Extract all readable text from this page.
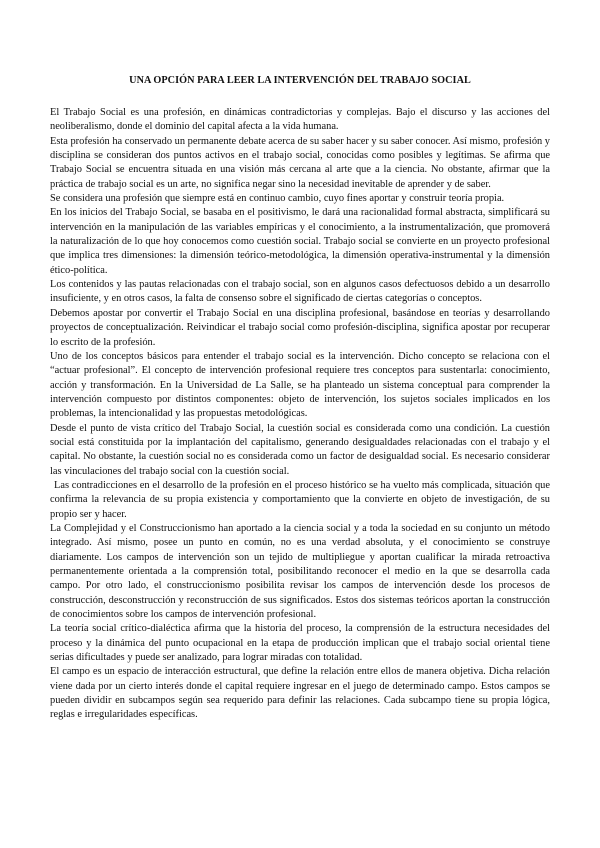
UNA OPCIÓN PARA LEER LA INTERVENCIÓN DEL TRABAJO SOCIAL

El Trabajo Social es una profesión, en dinámicas contradictorias y complejas. Bajo el discurso y las acciones del neoliberalismo, donde el dominio del capital afecta a la vida humana.

Esta profesión ha conservado un permanente debate acerca de su saber hacer y su saber conocer. Así mismo, profesión y disciplina se consideran dos puntos activos en el trabajo social, conocidas como posibles y legítimas. Se afirma que Trabajo Social se encuentra situada en una visión más cercana al arte que a la ciencia. No obstante, afirmar que la práctica de trabajo social es un arte, no significa negar sino la necesidad inevitable de aprender y de saber.

Se considera una profesión que siempre está en continuo cambio, cuyo fines aportar y construir teoría propia.

En los inicios del Trabajo Social, se basaba en el positivismo, le dará una racionalidad formal abstracta, simplificará su intervención en la manipulación de las variables empíricas y el conocimiento, a la instrumentalización, que promoverá la naturalización de lo que hoy conocemos como cuestión social. Trabajo social se convierte en un proyecto profesional que implica tres dimensiones: la dimensión teórico-metodológica, la dimensión operativa-instrumental y la dimensión ético-política.

Los contenidos y las pautas relacionadas con el trabajo social, son en algunos casos defectuosos debido a un desarrollo insuficiente, y en otros casos, la falta de consenso sobre el significado de ciertas categorías o conceptos.

Debemos apostar por convertir el Trabajo Social en una disciplina profesional, basándose en teorías y desarrollando proyectos de conceptualización. Reivindicar el trabajo social como profesión-disciplina, significa apostar por recuperar lo escrito de la profesión.

Uno de los conceptos básicos para entender el trabajo social es la intervención. Dicho concepto se relaciona con el “actuar profesional”. El concepto de intervención profesional requiere tres conceptos para sustentarla: conocimiento, acción y transformación. En la Universidad de La Salle, se ha planteado un sistema conceptual para comprender la intervención compuesto por distintos componentes: objeto de intervención, los sujetos sociales implicados en los problemas, la intencionalidad y las propuestas metodológicas.

Desde el punto de vista crítico del Trabajo Social, la cuestión social es considerada como una condición. La cuestión social está constituida por la implantación del capitalismo, generando desigualdades relacionadas con el trabajo y el capital. No obstante, la cuestión social no es considerada como un factor de desigualdad social. Es necesario considerar las vinculaciones del trabajo social con la cuestión social.

Las contradicciones en el desarrollo de la profesión en el proceso histórico se ha vuelto más complicada, situación que confirma la relevancia de su propia existencia y comportamiento que la convierte en objeto de investigación, de su propio ser y hacer.

La Complejidad y el Construccionismo han aportado a la ciencia social y a toda la sociedad en su conjunto un método integrado. Así mismo, posee un punto en común, no es una verdad absoluta, y el conocimiento se construye diariamente. Los campos de intervención son un tejido de multipliegue y aportan cualificar la mirada retroactiva permanentemente orientada a la comprensión total, posibilitando reconocer el medio en la que se desarrolla cada campo. Por otro lado, el construccionismo posibilita revisar los campos de intervención desde los procesos de construcción, desconstrucción y reconstrucción de sus significados. Estos dos sistemas teóricos aportan la construcción de conocimientos sobre los campos de intervención profesional.

La teoría social crítico-dialéctica afirma que la historia del proceso, la comprensión de la estructura necesidades del proceso y la dinámica del punto ocupacional en la etapa de producción implican que el trabajo social oriental tiene serias dificultades y puede ser analizado, para lograr miradas con totalidad.

El campo es un espacio de interacción estructural, que define la relación entre ellos de manera objetiva. Dicha relación viene dada por un cierto interés donde el capital requiere ingresar en el juego de determinado campo. Estos campos se pueden dividir en subcampos según sea requerido para definir las relaciones. Cada subcampo tiene su propia lógica, reglas e irregularidades específicas.
